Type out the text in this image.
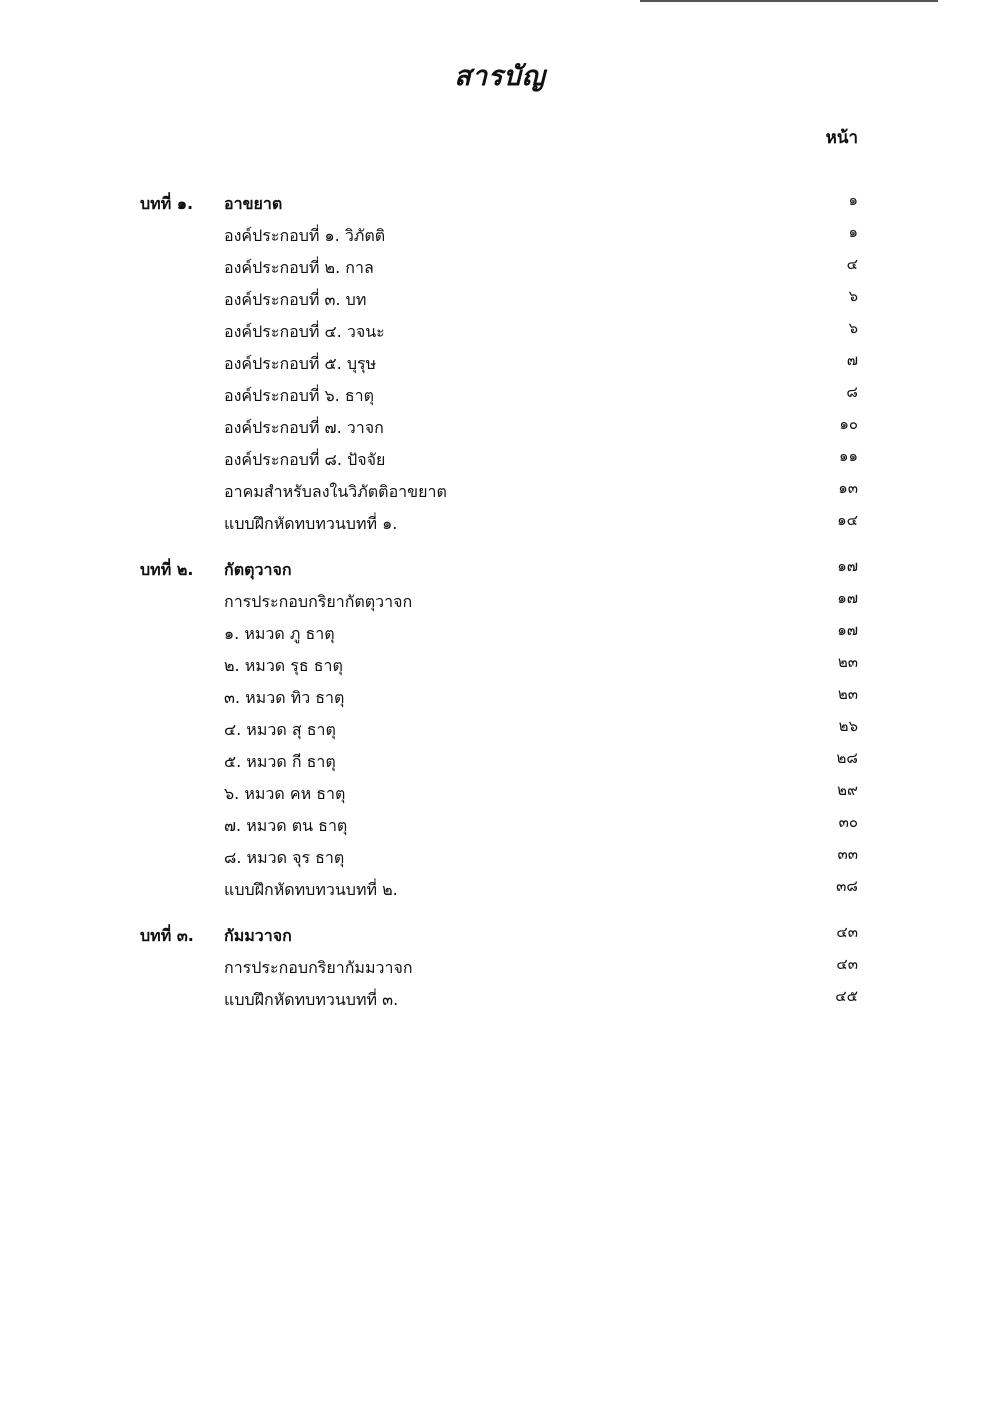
สารบัญ
หน้า
บทที่ ๑. อาขยาต	๑
องค์ประกอบที่ ๑. วิภัตติ	๑
องค์ประกอบที่ ๒. กาล	๔
องค์ประกอบที่ ๓. บท	๖
องค์ประกอบที่ ๔. วจนะ	๖
องค์ประกอบที่ ๕. บุรุษ	๗
องค์ประกอบที่ ๖. ธาตุ	๘
องค์ประกอบที่ ๗. วาจก	๑๐
องค์ประกอบที่ ๘. ปัจจัย	๑๑
อาคมสำหรับลงในวิภัตติอาขยาต	๑๓
แบบฝึกหัดทบทวนบทที่ ๑.	๑๔
บทที่ ๒. กัตตุวาจก	๑๗
การประกอบกริยากัตตุวาจก	๑๗
๑. หมวด ภู ธาตุ	๑๗
๒. หมวด รุธ ธาตุ	๒๓
๓. หมวด ทิว ธาตุ	๒๓
๔. หมวด สุ ธาตุ	๒๖
๕. หมวด กี ธาตุ	๒๘
๖. หมวด คห ธาตุ	๒๙
๗. หมวด ตน ธาตุ	๓๐
๘. หมวด จุร ธาตุ	๓๓
แบบฝึกหัดทบทวนบทที่ ๒.	๓๘
บทที่ ๓. กัมมวาจก	๔๓
การประกอบกริยากัมมวาจก	๔๓
แบบฝึกหัดทบทวนบทที่ ๓.	๔๕
